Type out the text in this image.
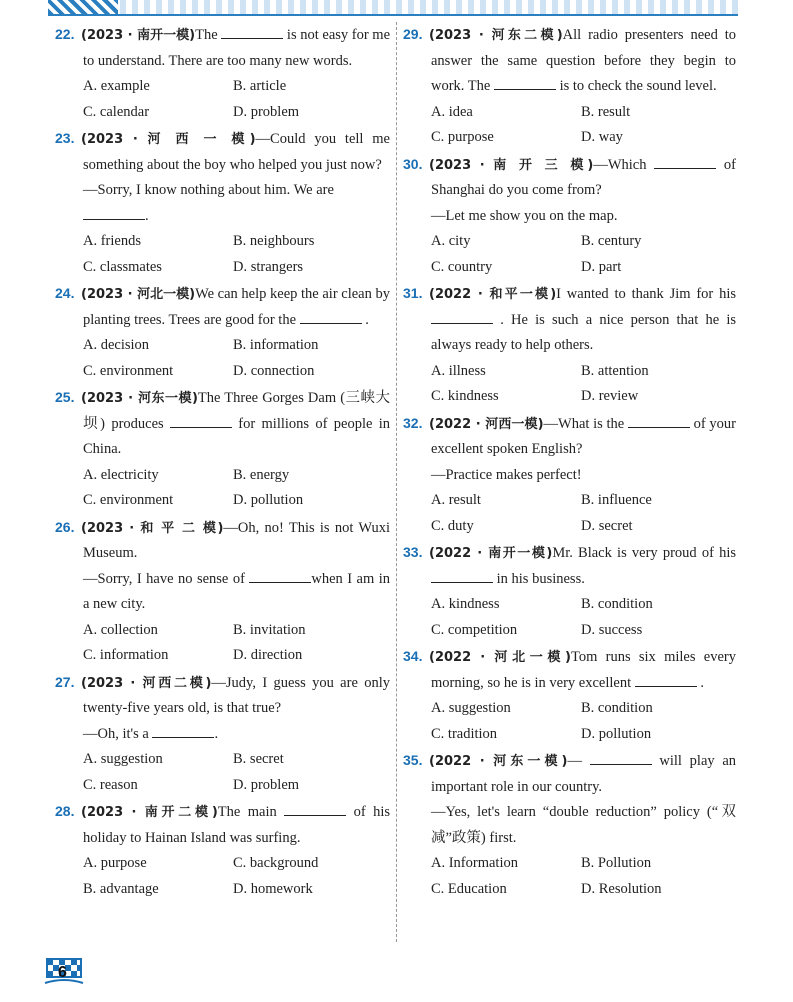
22. (2023 · 南开一模)The	is not easy for me to understand. There are too many new words.
A. example	B. article
C. calendar	D. problem
23. (2023 · 河 西 一 模)—Could you tell me something about the boy who helped you just now?
—Sorry, I know nothing about him. We are
.
A. friends	B. neighbours
C. classmates	D. strangers
24. (2023 · 河北一模)We can help keep the air clean by planting trees. Trees are good for the	.
A. decision	B. information
C. environment	D. connection
25. (2023 · 河东一模)The Three Gorges Dam (三峡大坝) produces	for millions of people in China.
A. electricity	B. energy
C. environment	D. pollution
26. (2023 · 和 平 二 模)—Oh, no! This is not Wuxi Museum.
—Sorry, I have no sense of	when I am in a new city.
A. collection	B. invitation
C. information	D. direction
27. (2023 · 河西二模)—Judy, I guess you are only twenty-five years old, is that true?
—Oh, it's a	.
A. suggestion	B. secret
C. reason	D. problem
28. (2023 · 南开二模)The main	of his holiday to Hainan Island was surfing.
A. purpose	C. background
B. advantage	D. homework
29. (2023 · 河东二模)All radio presenters need to answer the same question before they begin to work. The	is to check the sound level.
A. idea	B. result
C. purpose	D. way
30. (2023 · 南 开 三 模)—Which	of Shanghai do you come from?
—Let me show you on the map.
A. city	B. century
C. country	D. part
31. (2022 · 和平一模)I wanted to thank Jim for his  . He is such a nice person that he is always ready to help others.
A. illness	B. attention
C. kindness	D. review
32. (2022 · 河西一模)—What is the	of your excellent spoken English?
—Practice makes perfect!
A. result	B. influence
C. duty	D. secret
33. (2022 · 南开一模)Mr. Black is very proud of his  in his business.
A. kindness	B. condition
C. competition	D. success
34. (2022 · 河北一模)Tom runs six miles every morning, so he is in very excellent	.
A. suggestion	B. condition
C. tradition	D. pollution
35. (2022 · 河东一模)—	will play an important role in our country.
—Yes, let's learn “double reduction” policy (“双减”政策) first.
A. Information	B. Pollution
C. Education	D. Resolution
6
